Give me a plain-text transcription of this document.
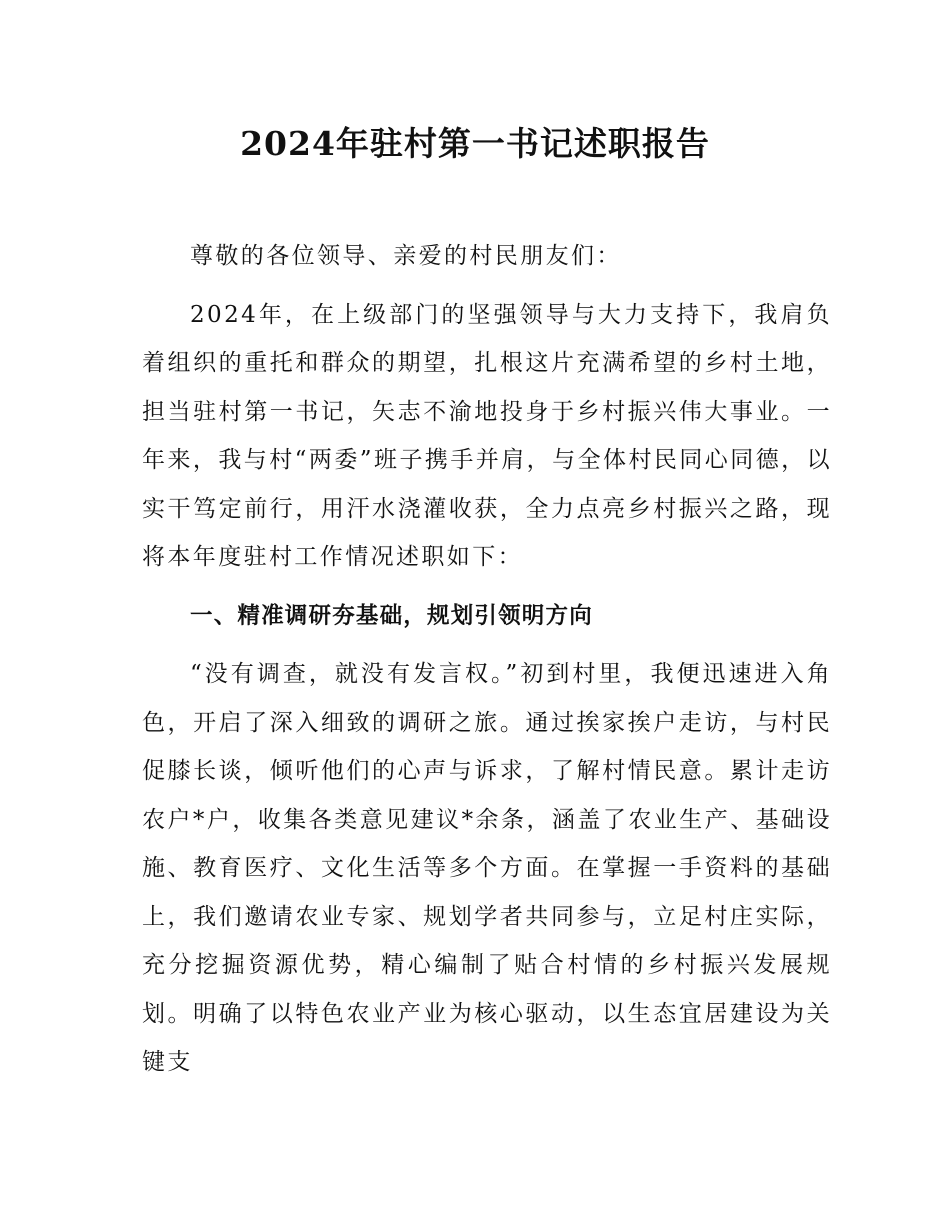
2024年驻村第一书记述职报告

尊敬的各位领导、亲爱的村民朋友们：

2024年，在上级部门的坚强领导与大力支持下，我肩负着组织的重托和群众的期望，扎根这片充满希望的乡村土地，担当驻村第一书记，矢志不渝地投身于乡村振兴伟大事业。一年来，我与村“两委”班子携手并肩，与全体村民同心同德，以实干笃定前行，用汗水浇灌收获，全力点亮乡村振兴之路，现将本年度驻村工作情况述职如下：

一、精准调研夯基础，规划引领明方向

“没有调查，就没有发言权。”初到村里，我便迅速进入角色，开启了深入细致的调研之旅。通过挨家挨户走访，与村民促膝长谈，倾听他们的心声与诉求，了解村情民意。累计走访农户*户，收集各类意见建议*余条，涵盖了农业生产、基础设施、教育医疗、文化生活等多个方面。在掌握一手资料的基础上，我们邀请农业专家、规划学者共同参与，立足村庄实际，充分挖掘资源优势，精心编制了贴合村情的乡村振兴发展规划。明确了以特色农业产业为核心驱动，以生态宜居建设为关键支
